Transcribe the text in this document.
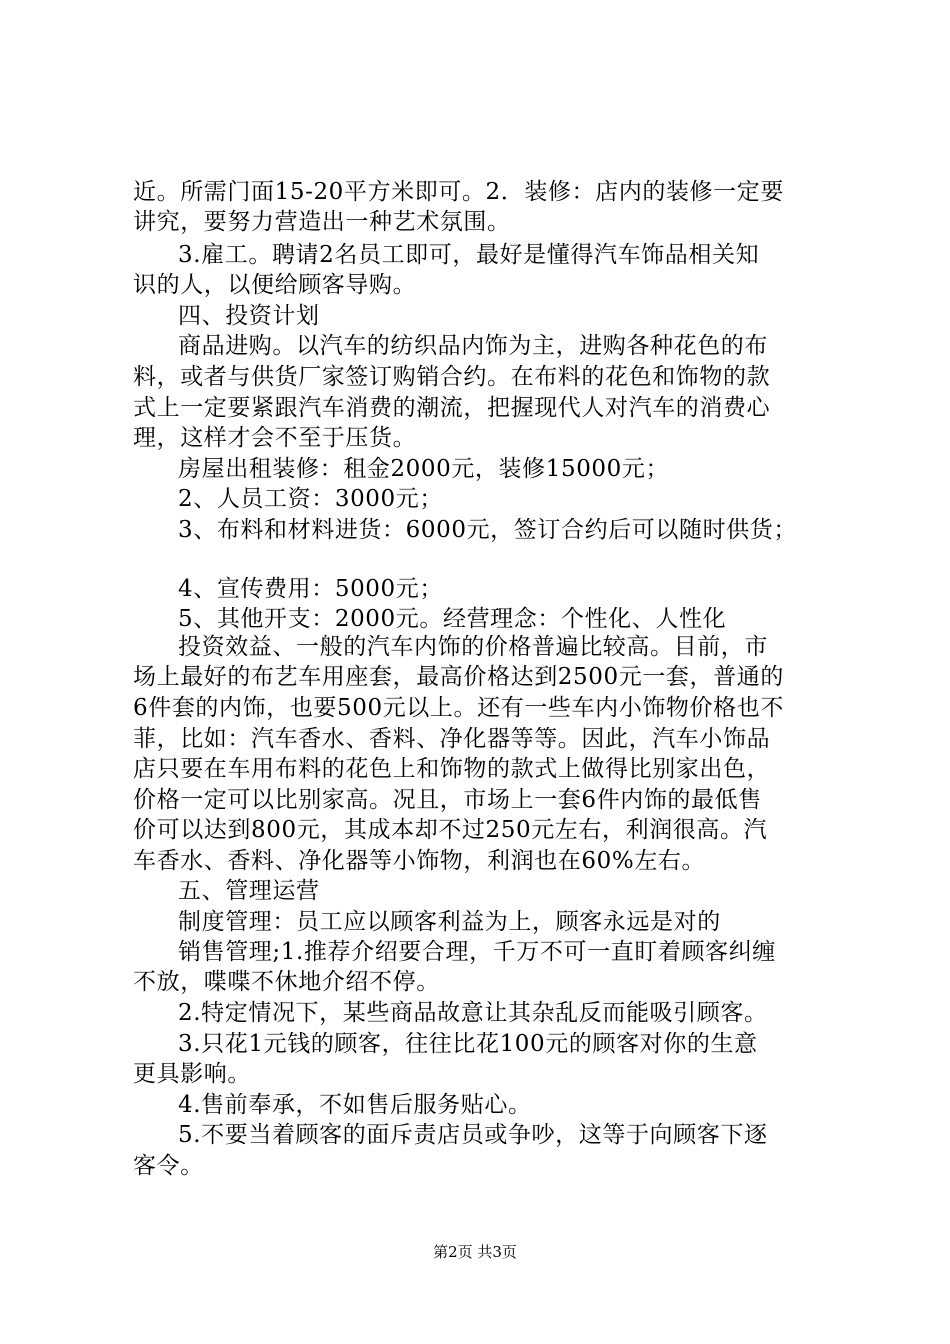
近。所需门面15-20平方米即可。2．装修：店内的装修一定要
讲究，要努力营造出一种艺术氛围。
3.雇工。聘请2名员工即可，最好是懂得汽车饰品相关知
识的人，以便给顾客导购。
四、投资计划
商品进购。以汽车的纺织品内饰为主，进购各种花色的布
料，或者与供货厂家签订购销合约。在布料的花色和饰物的款
式上一定要紧跟汽车消费的潮流，把握现代人对汽车的消费心
理，这样才会不至于压货。
房屋出租装修：租金2000元，装修15000元；
2、人员工资：3000元；
3、布料和材料进货：6000元，签订合约后可以随时供货；
4、宣传费用：5000元；
5、其他开支：2000元。经营理念：个性化、人性化
投资效益、一般的汽车内饰的价格普遍比较高。目前，市
场上最好的布艺车用座套，最高价格达到2500元一套，普通的
6件套的内饰，也要500元以上。还有一些车内小饰物价格也不
菲，比如：汽车香水、香料、净化器等等。因此，汽车小饰品
店只要在车用布料的花色上和饰物的款式上做得比别家出色，
价格一定可以比别家高。况且，市场上一套6件内饰的最低售
价可以达到800元，其成本却不过250元左右，利润很高。汽
车香水、香料、净化器等小饰物，利润也在60%左右。
五、管理运营
制度管理：员工应以顾客利益为上，顾客永远是对的
销售管理;1.推荐介绍要合理，千万不可一直盯着顾客纠缠
不放，喋喋不休地介绍不停。
2.特定情况下，某些商品故意让其杂乱反而能吸引顾客。
3.只花1元钱的顾客，往往比花100元的顾客对你的生意
更具影响。
4.售前奉承，不如售后服务贴心。
5.不要当着顾客的面斥责店员或争吵，这等于向顾客下逐
客令。
第2页 共3页
